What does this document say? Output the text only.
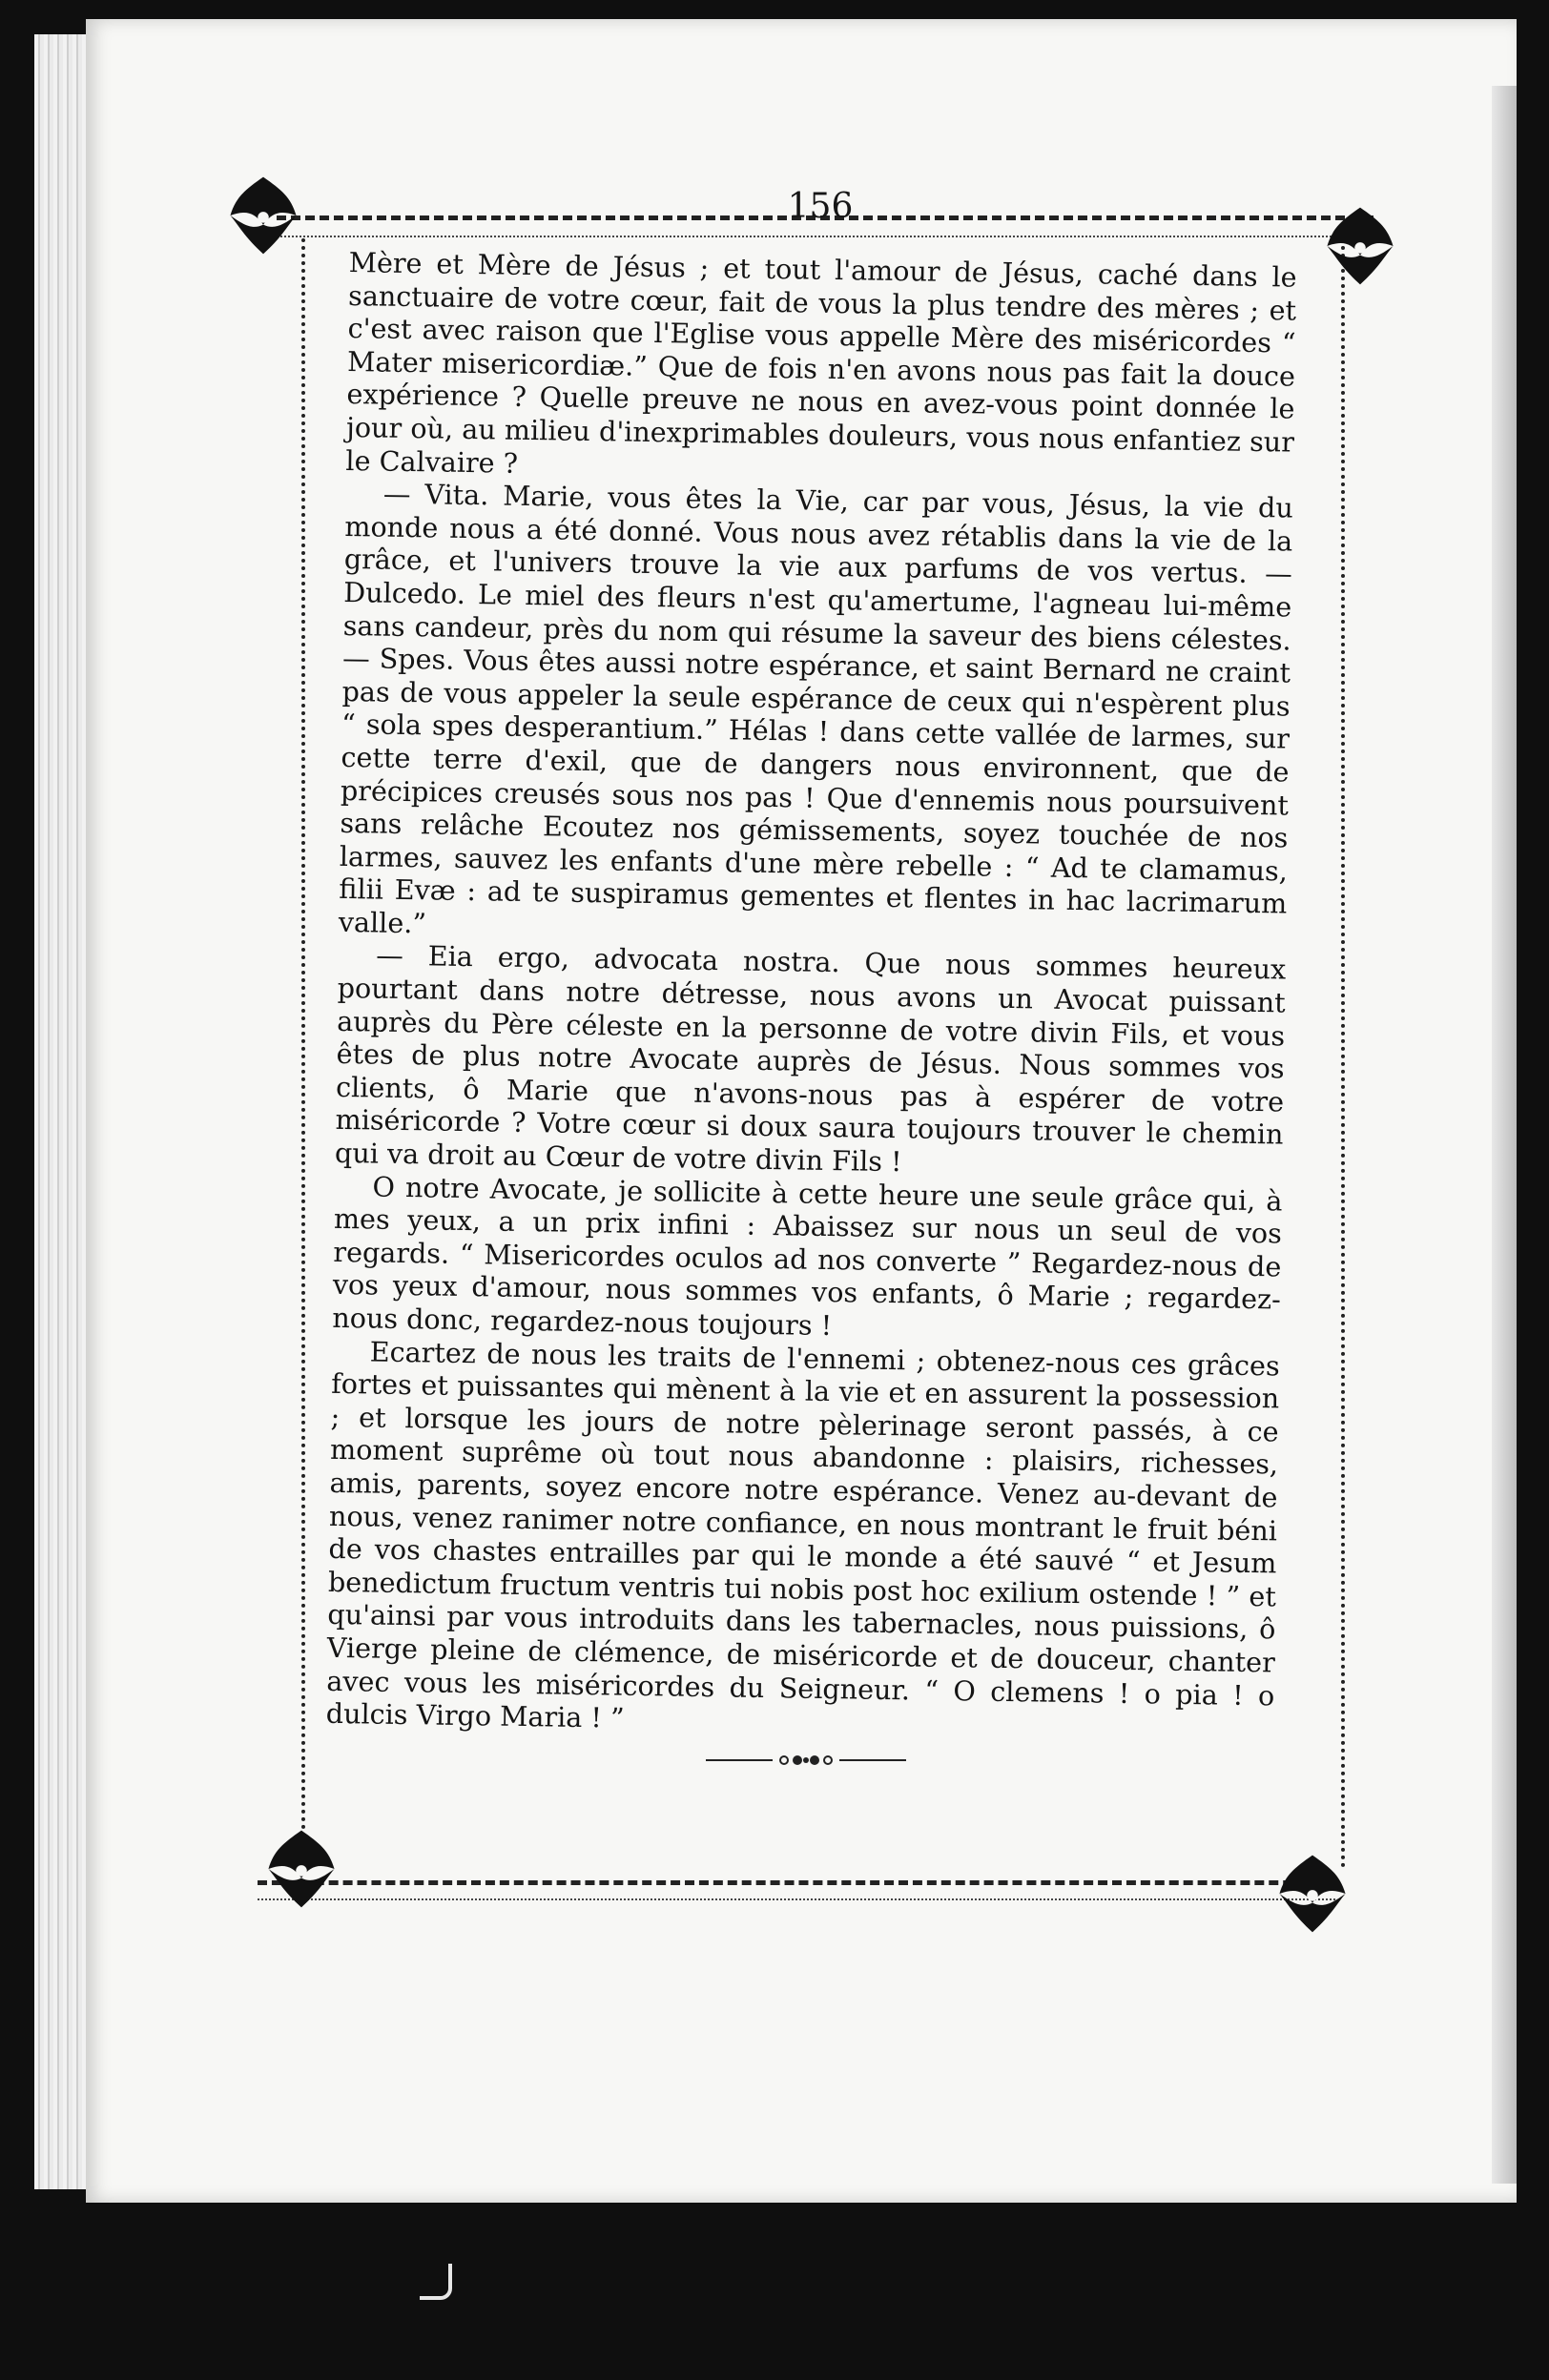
156

Mère et Mère de Jésus ; et tout l'amour de Jésus, caché dans le sanctuaire de votre cœur, fait de vous la plus tendre des mères ; et c'est avec raison que l'Eglise vous appelle Mère des miséricordes “ Mater misericordiæ.” Que de fois n'en avons nous pas fait la douce expérience ? Quelle preuve ne nous en avez-vous point donnée le jour où, au milieu d'inexprimables douleurs, vous nous enfantiez sur le Calvaire ?

— Vita. Marie, vous êtes la Vie, car par vous, Jésus, la vie du monde nous a été donné. Vous nous avez rétablis dans la vie de la grâce, et l'univers trouve la vie aux parfums de vos vertus. — Dulcedo. Le miel des fleurs n'est qu'amertume, l'agneau lui-même sans candeur, près du nom qui résume la saveur des biens célestes. — Spes. Vous êtes aussi notre espérance, et saint Bernard ne craint pas de vous appeler la seule espérance de ceux qui n'espèrent plus “ sola spes desperantium.” Hélas ! dans cette vallée de larmes, sur cette terre d'exil, que de dangers nous environnent, que de précipices creusés sous nos pas ! Que d'ennemis nous poursuivent sans relâche Ecoutez nos gémissements, soyez touchée de nos larmes, sauvez les enfants d'une mère rebelle : “ Ad te clamamus, filii Evæ : ad te suspiramus gementes et flentes in hac lacrimarum valle.”

— Eia ergo, advocata nostra. Que nous sommes heureux pourtant dans notre détresse, nous avons un Avocat puissant auprès du Père céleste en la personne de votre divin Fils, et vous êtes de plus notre Avocate auprès de Jésus. Nous sommes vos clients, ô Marie que n'avons-nous pas à espérer de votre miséricorde ? Votre cœur si doux saura toujours trouver le chemin qui va droit au Cœur de votre divin Fils !

O notre Avocate, je sollicite à cette heure une seule grâce qui, à mes yeux, a un prix infini : Abaissez sur nous un seul de vos regards. “ Misericordes oculos ad nos converte ” Regardez-nous de vos yeux d'amour, nous sommes vos enfants, ô Marie ; regardez-nous donc, regardez-nous toujours !

Ecartez de nous les traits de l'ennemi ; obtenez-nous ces grâces fortes et puissantes qui mènent à la vie et en assurent la possession ; et lorsque les jours de notre pèlerinage seront passés, à ce moment suprême où tout nous abandonne : plaisirs, richesses, amis, parents, soyez encore notre espérance. Venez au-devant de nous, venez ranimer notre confiance, en nous montrant le fruit béni de vos chastes entrailles par qui le monde a été sauvé “ et Jesum benedictum fructum ventris tui nobis post hoc exilium ostende ! ” et qu'ainsi par vous introduits dans les tabernacles, nous puissions, ô Vierge pleine de clémence, de miséricorde et de douceur, chanter avec vous les miséricordes du Seigneur. “ O clemens ! o pia ! o dulcis Virgo Maria ! ”
